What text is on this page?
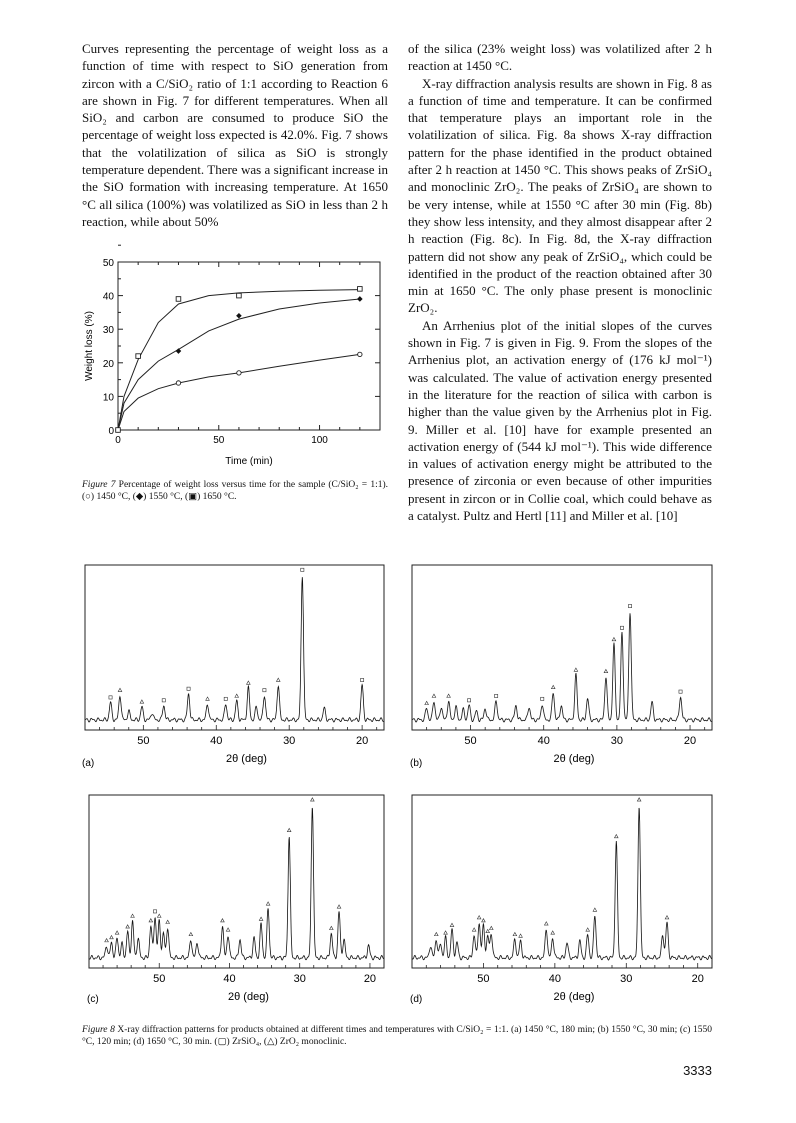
Curves representing the percentage of weight loss as a function of time with respect to SiO generation from zircon with a C/SiO₂ ratio of 1:1 according to Reaction 6 are shown in Fig. 7 for different temperatures. When all SiO₂ and carbon are consumed to produce SiO the percentage of weight loss expected is 42.0%. Fig. 7 shows that the volatilization of silica as SiO is strongly temperature dependent. There was a significant increase in the SiO formation with increasing temperature. At 1650 °C all silica (100%) was volatilized as SiO in less than 2 h reaction, while about 50%

of the silica (23% weight loss) was volatilized after 2 h reaction at 1450 °C.

X-ray diffraction analysis results are shown in Fig. 8 as a function of time and temperature. It can be confirmed that temperature plays an important role in the volatilization of silica. Fig. 8a shows X-ray diffraction pattern for the phase identified in the product obtained after 2 h reaction at 1450 °C. This shows peaks of ZrSiO₄ and monoclinic ZrO₂. The peaks of ZrSiO₄ are shown to be very intense, while at 1550 °C after 30 min (Fig. 8b) they show less intensity, and they almost disappear after 2 h reaction (Fig. 8c). In Fig. 8d, the X-ray diffraction pattern did not show any peak of ZrSiO₄, which could be identified in the product of the reaction obtained after 30 min at 1650 °C. The only phase present is monoclinic ZrO₂.

An Arrhenius plot of the initial slopes of the curves shown in Fig. 7 is given in Fig. 9. From the slopes of the Arrhenius plot, an activation energy of (176 kJ mol⁻¹) was calculated. The value of activation energy presented in the literature for the reaction of silica with carbon is higher than the value given by the Arrhenius plot in Fig. 9. Miller et al. [10] have for example presented an activation energy of (544 kJ mol⁻¹). This wide difference in values of activation energy might be attributed to the presence of zirconia or even because of other impurities present in zircon or in Collie coal, which could behave as a catalyst. Pultz and Hertl [11] and Miller et al. [10]

0
10
20
30
40
50
0	50	100
Time (min)
Weight loss (%)
50	40	30	20
2θ (deg)
(a)
50	40	30	20
2θ (deg)
(b)
50	40	30	20
2θ (deg)
(c)
50	40	30	20
2θ (deg)
(d)
Figure 7 Percentage of weight loss versus time for the sample (C/SiO₂ = 1:1). (○) 1450 °C, (◆) 1550 °C, (▣) 1650 °C.
Figure 8 X-ray diffraction patterns for products obtained at different times and temperatures with C/SiO₂ = 1:1. (a) 1450 °C, 180 min; (b) 1550 °C, 30 min; (c) 1550 °C, 120 min; (d) 1650 °C, 30 min. (▢) ZrSiO₄, (△) ZrO₂ monoclinic.
3333
